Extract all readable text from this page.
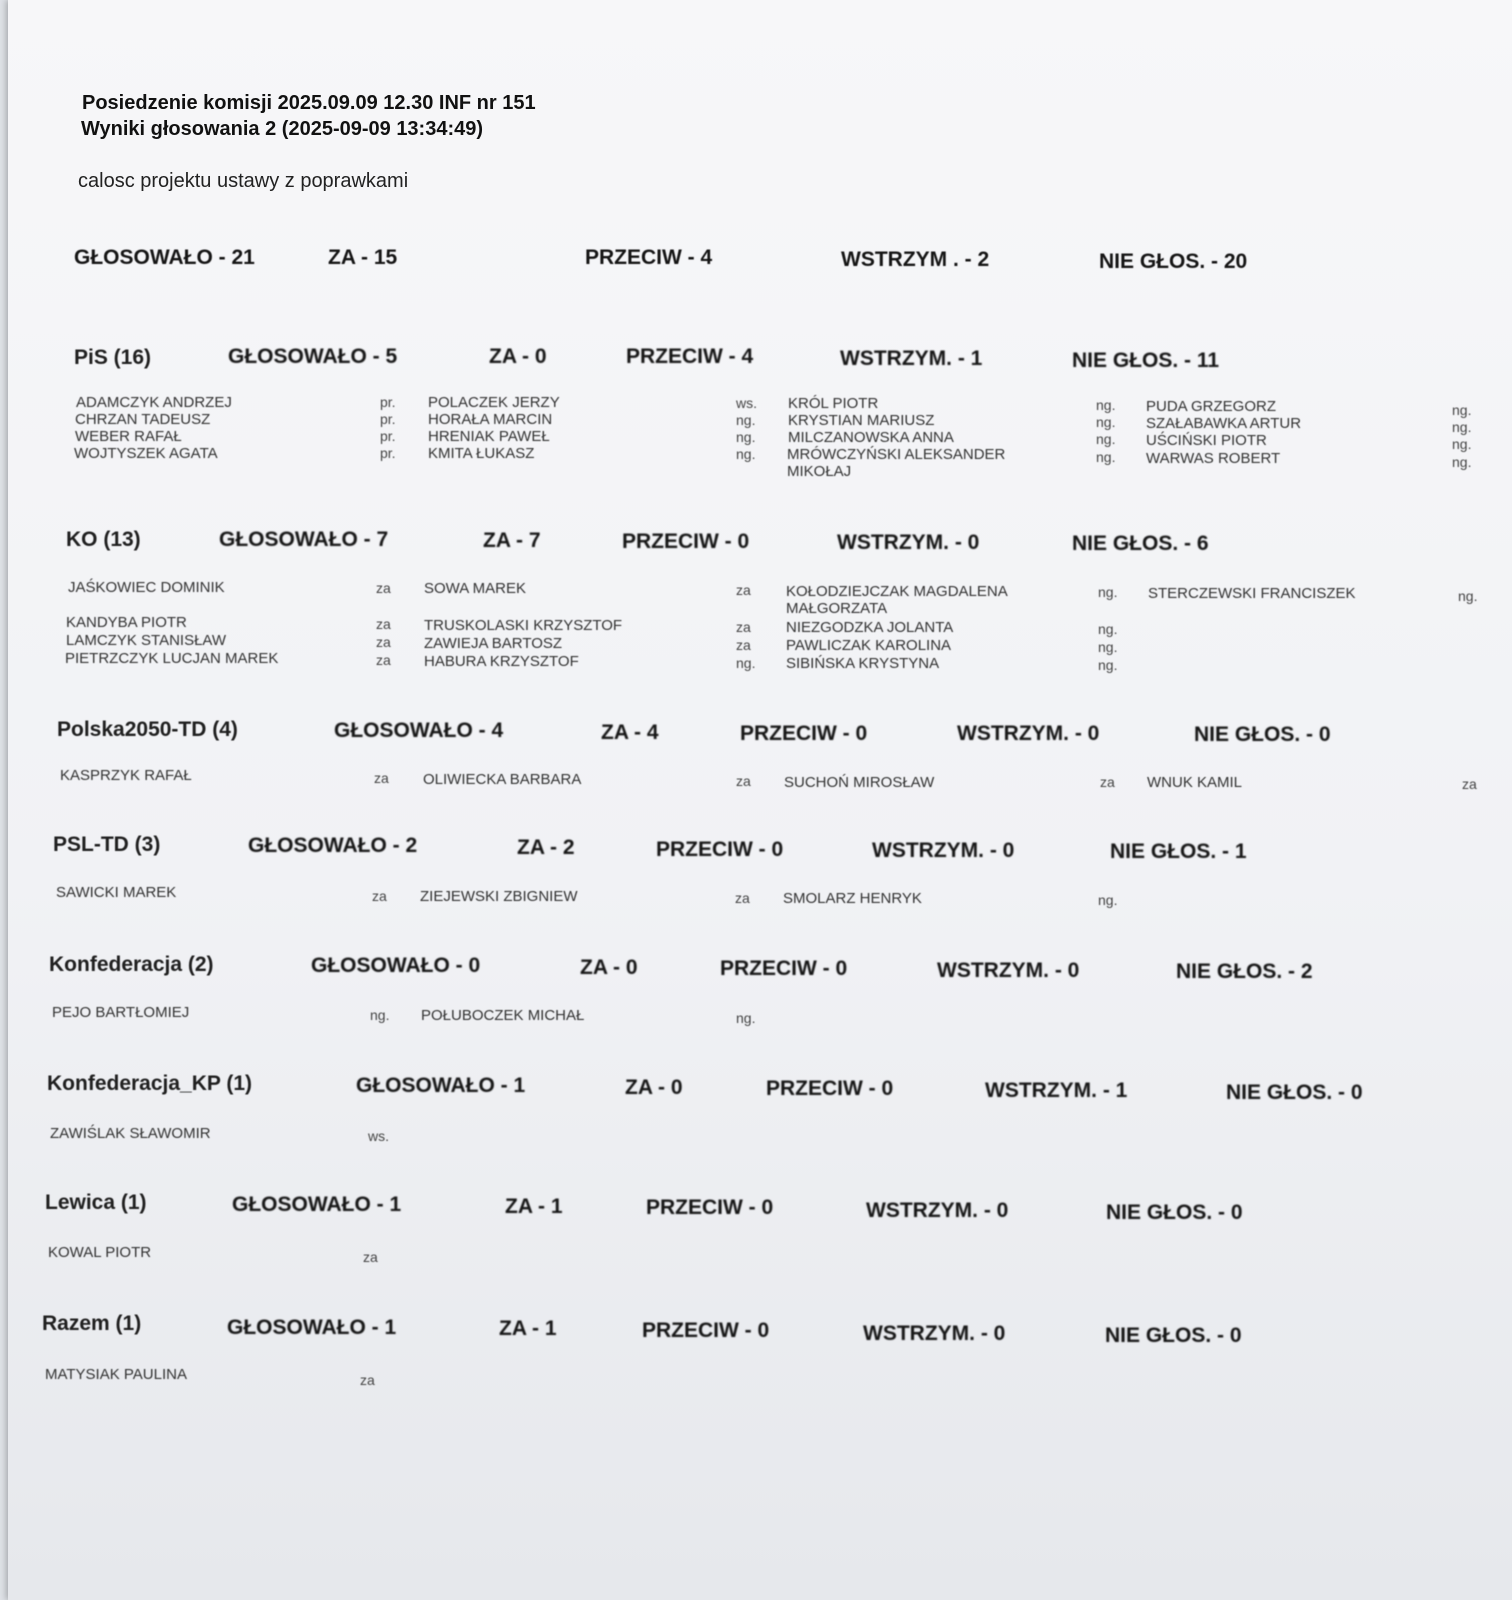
Posiedzenie komisji 2025.09.09 12.30 INF nr 151
Wyniki głosowania 2 (2025-09-09 13:34:49)
calosc projektu ustawy z poprawkami
GŁOSOWAŁO - 21	ZA - 15	PRZECIW - 4	WSTRZYM . - 2	NIE GŁOS. - 20
PiS (16)	GŁOSOWAŁO - 5	ZA - 0	PRZECIW - 4	WSTRZYM. - 1	NIE GŁOS. - 11
ADAMCZYK ANDRZEJ	pr.
CHRZAN TADEUSZ	pr.
WEBER RAFAŁ	pr.
WOJTYSZEK AGATA	pr.
POLACZEK JERZY	ws.
HORAŁA MARCIN	ng.
HRENIAK PAWEŁ	ng.
KMITA ŁUKASZ	ng.
KRÓL PIOTR	ng.
KRYSTIAN MARIUSZ	ng.
MILCZANOWSKA ANNA	ng.
MRÓWCZYŃSKI ALEKSANDER MIKOŁAJ
ng.
PUDA GRZEGORZ	ng.
SZAŁABAWKA ARTUR	ng.
UŚCIŃSKI PIOTR	ng.
WARWAS ROBERT	ng.
KO (13)	GŁOSOWAŁO - 7	ZA - 7	PRZECIW - 0	WSTRZYM. - 0	NIE GŁOS. - 6
JAŚKOWIEC DOMINIK	za
KANDYBA PIOTR	za
LAMCZYK STANISŁAW	za
PIETRZCZYK LUCJAN MAREK	za
SOWA MAREK	za
TRUSKOLASKI KRZYSZTOF	za
ZAWIEJA BARTOSZ	za
HABURA KRZYSZTOF	ng.
KOŁODZIEJCZAK MAGDALENA MAŁGORZATA
ng.
NIEZGODZKA JOLANTA	ng.
PAWLICZAK KAROLINA	ng.
SIBIŃSKA KRYSTYNA	ng.
STERCZEWSKI FRANCISZEK	ng.
Polska2050-TD (4)	GŁOSOWAŁO - 4	ZA - 4	PRZECIW - 0	WSTRZYM. - 0	NIE GŁOS. - 0
KASPRZYK RAFAŁ	za OLIWIECKA BARBARA	za SUCHOŃ MIROSŁAW	za WNUK KAMIL	za
PSL-TD (3)	GŁOSOWAŁO - 2	ZA - 2	PRZECIW - 0	WSTRZYM. - 0	NIE GŁOS. - 1
SAWICKI MAREK	za ZIEJEWSKI ZBIGNIEW	za SMOLARZ HENRYK	ng.
Konfederacja (2)	GŁOSOWAŁO - 0	ZA - 0	PRZECIW - 0	WSTRZYM. - 0	NIE GŁOS. - 2
PEJO BARTŁOMIEJ	ng. POŁUBOCZEK MICHAŁ	ng.
Konfederacja_KP (1)	GŁOSOWAŁO - 1	ZA - 0	PRZECIW - 0	WSTRZYM. - 1	NIE GŁOS. - 0
ZAWIŚLAK SŁAWOMIR	ws.
Lewica (1)	GŁOSOWAŁO - 1	ZA - 1	PRZECIW - 0	WSTRZYM. - 0	NIE GŁOS. - 0
KOWAL PIOTR	za
Razem (1)	GŁOSOWAŁO - 1	ZA - 1	PRZECIW - 0	WSTRZYM. - 0	NIE GŁOS. - 0
MATYSIAK PAULINA	za
